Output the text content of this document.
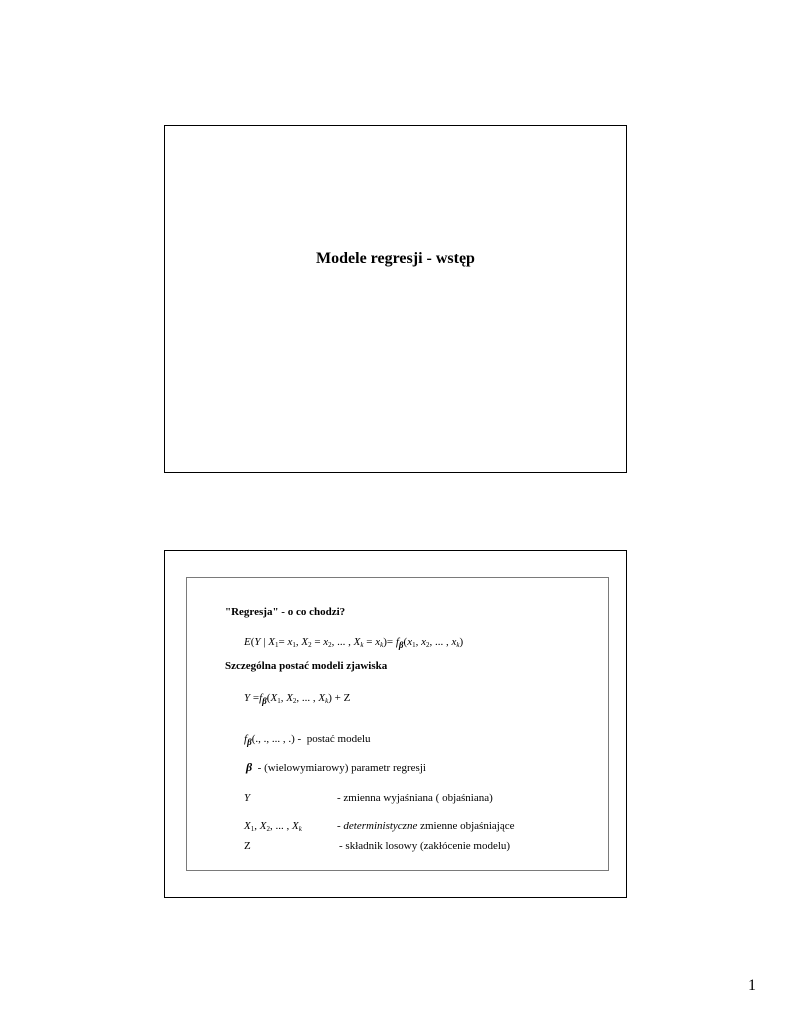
Modele regresji - wstęp
"Regresja" - o co chodzi?
E(Y | $X_1= x_1$, $X_2 = x_2$, ... , $X_k = x_k)= f_\beta(x_1$, $x_2$, ... , $x_k$)
Szczególna postać modeli zjawiska
$Y =f_\beta(X_1$, $X_2$, ... , $X_k) + Z$
$f_\beta$(., ., ... , .) - postać modelu
β - (wielowymiarowy) parametr regresji
Y	- zmienna wyjaśniana ( objaśniana)
$X_1$, $X_2$, ... , $X_k$	- deterministyczne zmienne objaśniające
Z	- składnik losowy (zakłócenie modelu)
1
